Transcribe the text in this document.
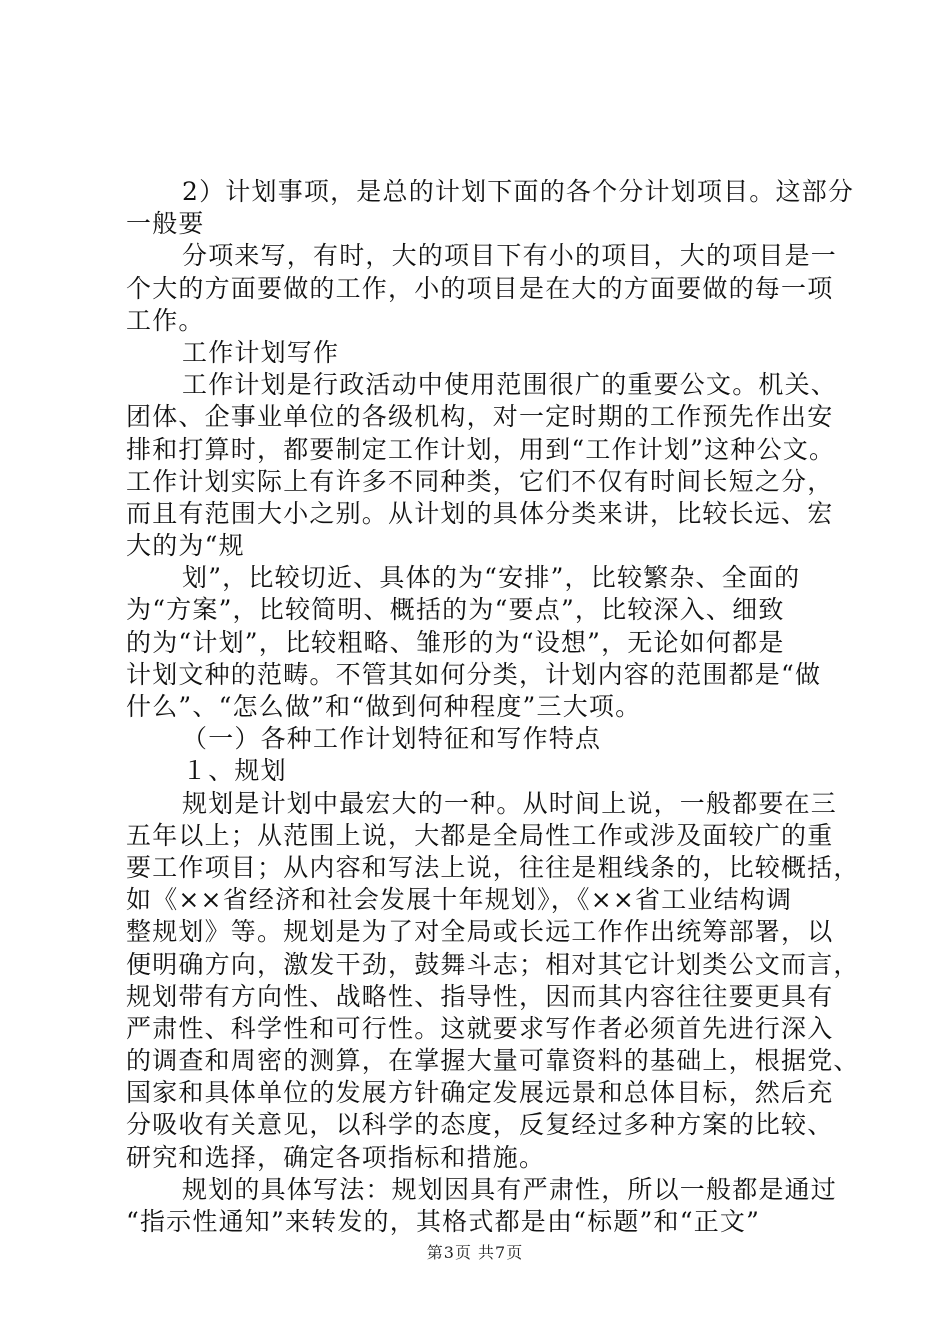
2）计划事项，是总的计划下面的各个分计划项目。这部分
一般要
分项来写，有时，大的项目下有小的项目，大的项目是一
个大的方面要做的工作，小的项目是在大的方面要做的每一项
工作。
工作计划写作
工作计划是行政活动中使用范围很广的重要公文。机关、
团体、企事业单位的各级机构，对一定时期的工作预先作出安
排和打算时，都要制定工作计划，用到“工作计划”这种公文。
工作计划实际上有许多不同种类，它们不仅有时间长短之分，
而且有范围大小之别。从计划的具体分类来讲，比较长远、宏
大的为“规
划”，比较切近、具体的为“安排”，比较繁杂、全面的
为“方案”，比较简明、概括的为“要点”，比较深入、细致
的为“计划”，比较粗略、雏形的为“设想”，无论如何都是
计划文种的范畴。不管其如何分类，计划内容的范围都是“做
什么”、“怎么做”和“做到何种程度”三大项。
（一）各种工作计划特征和写作特点
１、规划
规划是计划中最宏大的一种。从时间上说，一般都要在三
五年以上；从范围上说，大都是全局性工作或涉及面较广的重
要工作项目；从内容和写法上说，往往是粗线条的，比较概括，
如《××省经济和社会发展十年规划》，《××省工业结构调
整规划》等。规划是为了对全局或长远工作作出统筹部署，以
便明确方向，激发干劲，鼓舞斗志；相对其它计划类公文而言，
规划带有方向性、战略性、指导性，因而其内容往往要更具有
严肃性、科学性和可行性。这就要求写作者必须首先进行深入
的调查和周密的测算，在掌握大量可靠资料的基础上，根据党、
国家和具体单位的发展方针确定发展远景和总体目标，然后充
分吸收有关意见，以科学的态度，反复经过多种方案的比较、
研究和选择，确定各项指标和措施。
规划的具体写法：规划因具有严肃性，所以一般都是通过
“指示性通知”来转发的，其格式都是由“标题”和“正文”
第3页 共7页
